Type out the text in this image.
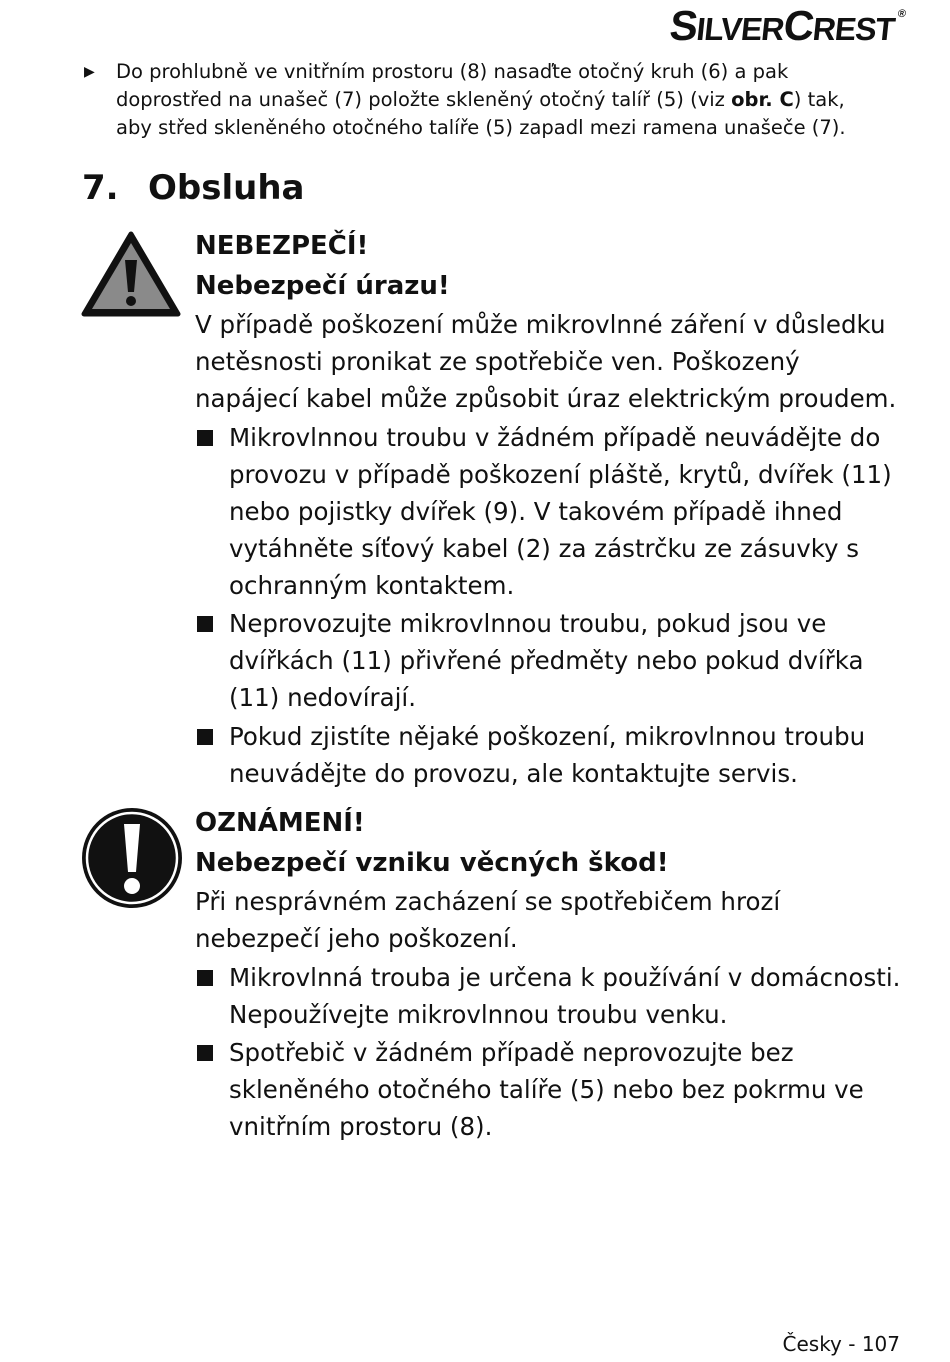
SILVERCREST®
▶ Do prohlubně ve vnitřním prostoru (8) nasaďte otočný kruh (6) a pak doprostřed na unašeč (7) položte skleněný otočný talíř (5) (viz obr. C) tak, aby střed skleněného otočného talíře (5) zapadl mezi ramena unašeče (7).
7. Obsluha
NEBEZPEČÍ!
Nebezpečí úrazu!
V případě poškození může mikrovlnné záření v důsledku netěsnosti pronikat ze spotřebiče ven. Poškozený napájecí kabel může způsobit úraz elektrickým proudem.
Mikrovlnnou troubu v žádném případě neuvádějte do provozu v případě poškození pláště, krytů, dvířek (11) nebo pojistky dvířek (9). V takovém případě ihned vytáhněte síťový kabel (2) za zástrčku ze zásuvky s ochranným kontaktem.
Neprovozujte mikrovlnnou troubu, pokud jsou ve dvířkách (11) přivřené předměty nebo pokud dvířka (11) nedovírají.
Pokud zjistíte nějaké poškození, mikrovlnnou troubu neuvádějte do provozu, ale kontaktujte servis.
OZNÁMENÍ!
Nebezpečí vzniku věcných škod!
Při nesprávném zacházení se spotřebičem hrozí nebezpečí jeho poškození.
Mikrovlnná trouba je určena k používání v domácnosti. Nepoužívejte mikrovlnnou troubu venku.
Spotřebič v žádném případě neprovozujte bez skleněného otočného talíře (5) nebo bez pokrmu ve vnitřním prostoru (8).
Česky - 107
